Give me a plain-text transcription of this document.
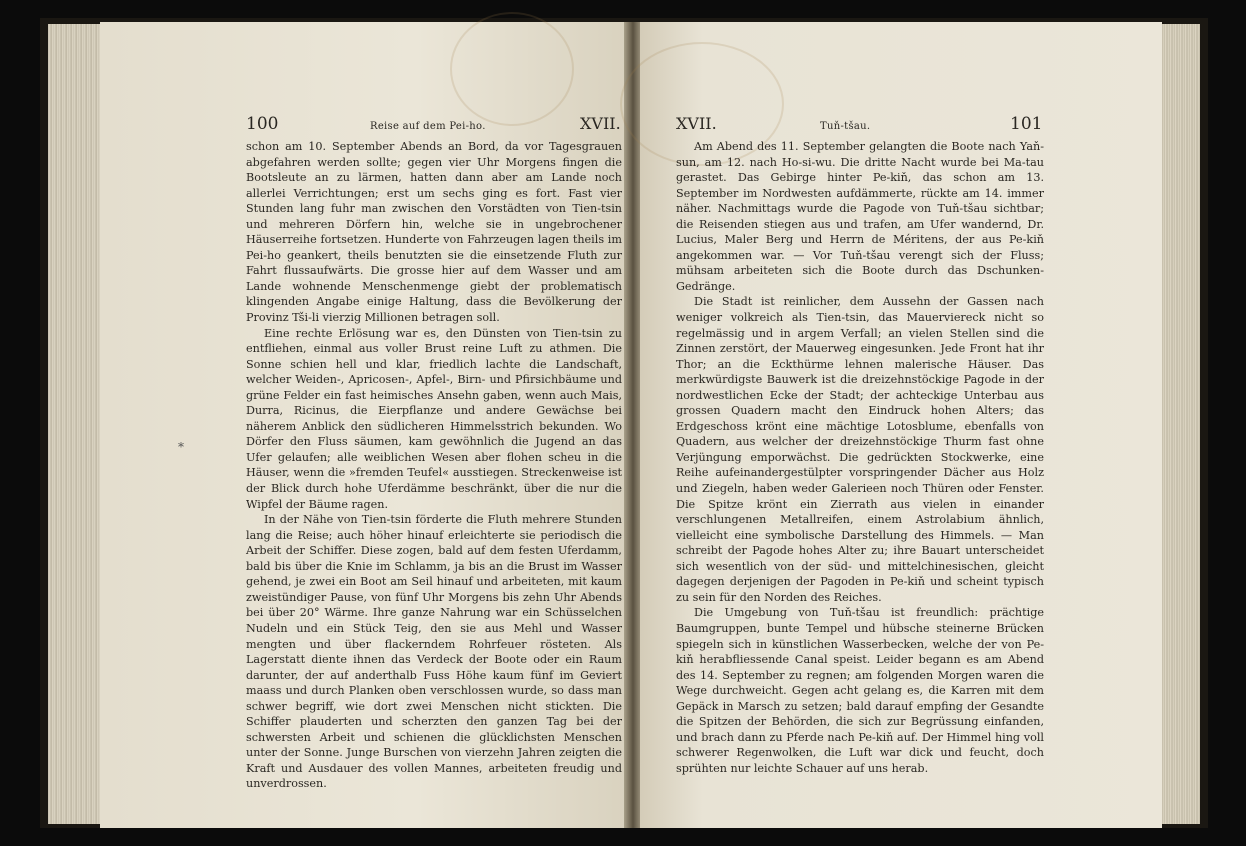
100	Reise auf dem Pei-ho.	XVII.
*

schon am 10. September Abends an Bord, da vor Tagesgrauen abgefahren werden sollte; gegen vier Uhr Morgens fingen die Bootsleute an zu lärmen, hatten dann aber am Lande noch allerlei Verrichtungen; erst um sechs ging es fort. Fast vier Stunden lang fuhr man zwischen den Vorstädten von Tien-tsin und mehreren Dörfern hin, welche sie in ungebrochener Häuserreihe fortsetzen. Hunderte von Fahrzeugen lagen theils im Pei-ho geankert, theils benutzten sie die einsetzende Fluth zur Fahrt flussaufwärts. Die grosse hier auf dem Wasser und am Lande wohnende Menschenmenge giebt der problematisch klingenden Angabe einige Haltung, dass die Bevölkerung der Provinz Tši-li vierzig Millionen betragen soll.

Eine rechte Erlösung war es, den Dünsten von Tien-tsin zu entfliehen, einmal aus voller Brust reine Luft zu athmen. Die Sonne schien hell und klar, friedlich lachte die Landschaft, welcher Weiden-, Apricosen-, Apfel-, Birn- und Pfirsichbäume und grüne Felder ein fast heimisches Ansehn gaben, wenn auch Mais, Durra, Ricinus, die Eierpflanze und andere Gewächse bei näherem Anblick den südlicheren Himmelsstrich bekunden. Wo Dörfer den Fluss säumen, kam gewöhnlich die Jugend an das Ufer gelaufen; alle weiblichen Wesen aber flohen scheu in die Häuser, wenn die »fremden Teufel« ausstiegen. Streckenweise ist der Blick durch hohe Uferdämme beschränkt, über die nur die Wipfel der Bäume ragen.

In der Nähe von Tien-tsin förderte die Fluth mehrere Stunden lang die Reise; auch höher hinauf erleichterte sie periodisch die Arbeit der Schiffer. Diese zogen, bald auf dem festen Uferdamm, bald bis über die Knie im Schlamm, ja bis an die Brust im Wasser gehend, je zwei ein Boot am Seil hinauf und arbeiteten, mit kaum zweistündiger Pause, von fünf Uhr Morgens bis zehn Uhr Abends bei über 20° Wärme. Ihre ganze Nahrung war ein Schüsselchen Nudeln und ein Stück Teig, den sie aus Mehl und Wasser mengten und über flackerndem Rohrfeuer rösteten. Als Lagerstatt diente ihnen das Verdeck der Boote oder ein Raum darunter, der auf anderthalb Fuss Höhe kaum fünf im Geviert maass und durch Planken oben verschlossen wurde, so dass man schwer begriff, wie dort zwei Menschen nicht stickten. Die Schiffer plauderten und scherzten den ganzen Tag bei der schwersten Arbeit und schienen die glücklichsten Menschen unter der Sonne. Junge Burschen von vierzehn Jahren zeigten die Kraft und Ausdauer des vollen Mannes, arbeiteten freudig und unverdrossen.

XVII.	Tuň-tšau.	101

Am Abend des 11. September gelangten die Boote nach Yaň-sun, am 12. nach Ho-si-wu. Die dritte Nacht wurde bei Ma-tau gerastet. Das Gebirge hinter Pe-kiň, das schon am 13. September im Nordwesten aufdämmerte, rückte am 14. immer näher. Nachmittags wurde die Pagode von Tuň-tšau sichtbar; die Reisenden stiegen aus und trafen, am Ufer wandernd, Dr. Lucius, Maler Berg und Herrn de Méritens, der aus Pe-kiň angekommen war. — Vor Tuň-tšau verengt sich der Fluss; mühsam arbeiteten sich die Boote durch das Dschunken-Gedränge.

Die Stadt ist reinlicher, dem Aussehn der Gassen nach weniger volkreich als Tien-tsin, das Mauerviereck nicht so regelmässig und in argem Verfall; an vielen Stellen sind die Zinnen zerstört, der Mauerweg eingesunken. Jede Front hat ihr Thor; an die Eckthürme lehnen malerische Häuser. Das merkwürdigste Bauwerk ist die dreizehnstöckige Pagode in der nordwestlichen Ecke der Stadt; der achteckige Unterbau aus grossen Quadern macht den Eindruck hohen Alters; das Erdgeschoss krönt eine mächtige Lotosblume, ebenfalls von Quadern, aus welcher der dreizehnstöckige Thurm fast ohne Verjüngung emporwächst. Die gedrückten Stockwerke, eine Reihe aufeinandergestülpter vorspringender Dächer aus Holz und Ziegeln, haben weder Galerieen noch Thüren oder Fenster. Die Spitze krönt ein Zierrath aus vielen in einander verschlungenen Metallreifen, einem Astrolabium ähnlich, vielleicht eine symbolische Darstellung des Himmels. — Man schreibt der Pagode hohes Alter zu; ihre Bauart unterscheidet sich wesentlich von der süd- und mittelchinesischen, gleicht dagegen derjenigen der Pagoden in Pe-kiň und scheint typisch zu sein für den Norden des Reiches.

Die Umgebung von Tuň-tšau ist freundlich: prächtige Baumgruppen, bunte Tempel und hübsche steinerne Brücken spiegeln sich in künstlichen Wasserbecken, welche der von Pe-kiň herabfliessende Canal speist. Leider begann es am Abend des 14. September zu regnen; am folgenden Morgen waren die Wege durchweicht. Gegen acht gelang es, die Karren mit dem Gepäck in Marsch zu setzen; bald darauf empfing der Gesandte die Spitzen der Behörden, die sich zur Begrüssung einfanden, und brach dann zu Pferde nach Pe-kiň auf. Der Himmel hing voll schwerer Regenwolken, die Luft war dick und feucht, doch sprühten nur leichte Schauer auf uns herab.
